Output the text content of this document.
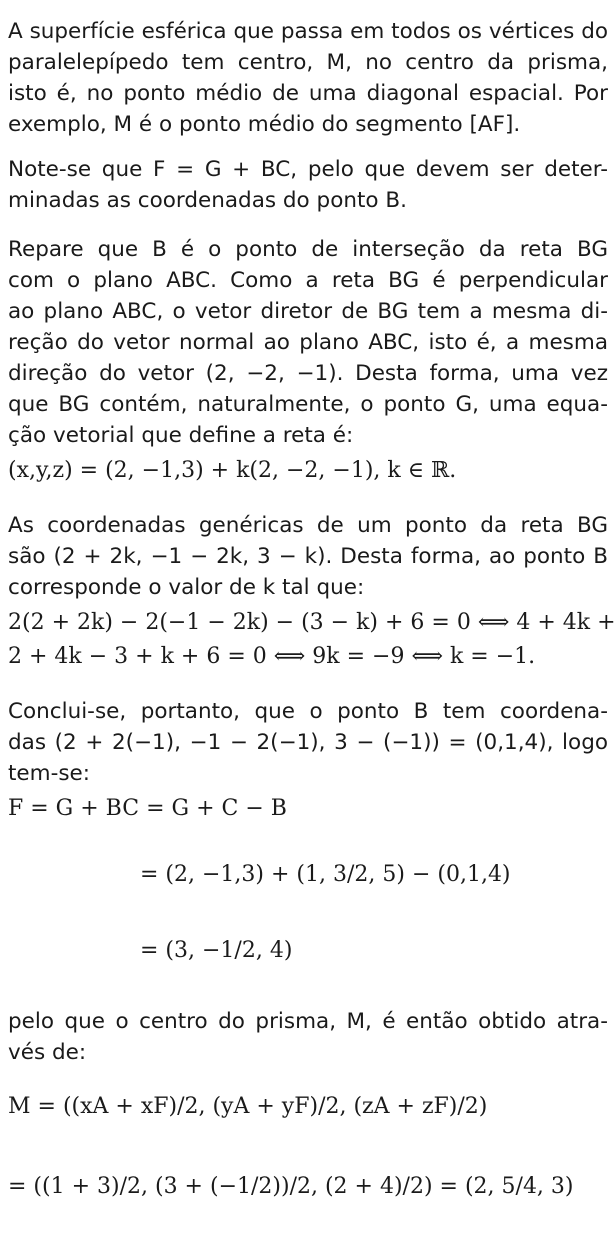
A superfície esférica que passa em todos os vértices do
paralelepípedo tem centro, M, no centro da prisma,
isto é, no ponto médio de uma diagonal espacial. Por
exemplo, M é o ponto médio do segmento [AF].
Note-se que F = G + BC, pelo que devem ser deter-
minadas as coordenadas do ponto B.
Repare que B é o ponto de interseção da reta BG
com o plano ABC. Como a reta BG é perpendicular
ao plano ABC, o vetor diretor de BG tem a mesma di-
reção do vetor normal ao plano ABC, isto é, a mesma
direção do vetor (2, −2, −1). Desta forma, uma vez
que BG contém, naturalmente, o ponto G, uma equa-
ção vetorial que define a reta é:
(x,y,z) = (2, −1,3) + k(2, −2, −1), k ∈ ℝ.
As coordenadas genéricas de um ponto da reta BG
são (2 + 2k, −1 − 2k, 3 − k). Desta forma, ao ponto B
corresponde o valor de k tal que:
2(2 + 2k) − 2(−1 − 2k) − (3 − k) + 6 = 0 ⟺ 4 + 4k +
2 + 4k − 3 + k + 6 = 0 ⟺ 9k = −9 ⟺ k = −1.
Conclui-se, portanto, que o ponto B tem coordena-
das (2 + 2(−1), −1 − 2(−1), 3 − (−1)) = (0,1,4), logo
tem-se:
F = G + BC = G + C − B
= (2, −1,3) + (1, 3/2, 5) − (0,1,4)
= (3, −1/2, 4)
pelo que o centro do prisma, M, é então obtido atra-
vés de:
M = ((xA + xF)/2, (yA + yF)/2, (zA + zF)/2)
= ((1 + 3)/2, (3 + (−1/2))/2, (2 + 4)/2) = (2, 5/4, 3)
